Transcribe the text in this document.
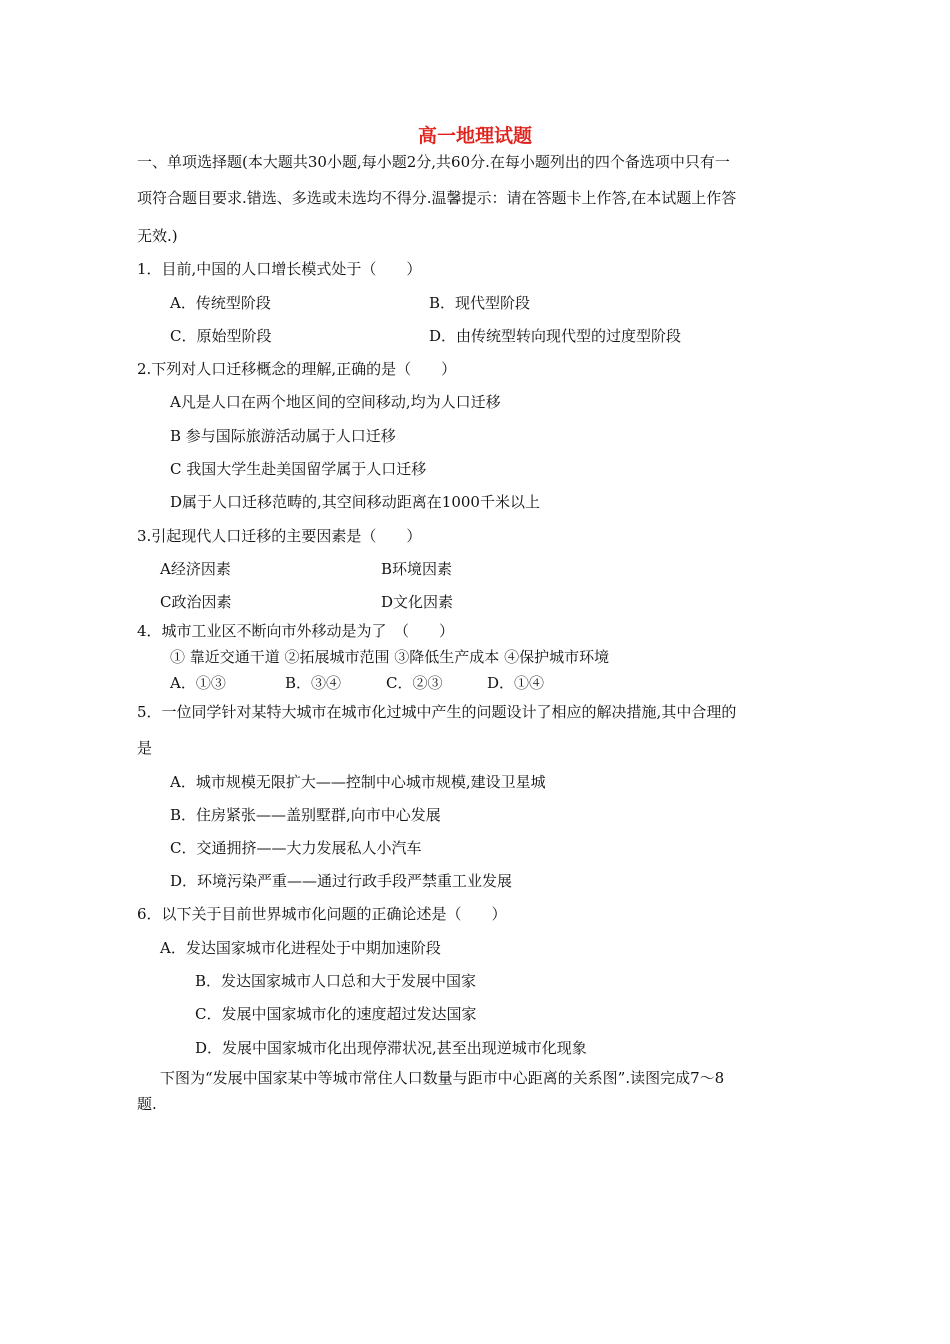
高一地理试题
一、单项选择题(本大题共30小题,每小题2分,共60分.在每小题列出的四个备选项中只有一
项符合题目要求.错选、多选或未选均不得分.温馨提示：请在答题卡上作答,在本试题上作答
无效.)
1．目前,中国的人口增长模式处于（　　）
A．传统型阶段	B．现代型阶段
C．原始型阶段	D．由传统型转向现代型的过度型阶段
2.下列对人口迁移概念的理解,正确的是（　　）
A凡是人口在两个地区间的空间移动,均为人口迁移
B 参与国际旅游活动属于人口迁移
C 我国大学生赴美国留学属于人口迁移
D属于人口迁移范畴的,其空间移动距离在1000千米以上
3.引起现代人口迁移的主要因素是（　　）
A经济因素	B环境因素
C政治因素	D文化因素
4．城市工业区不断向市外移动是为了　（　　）
① 靠近交通干道 ②拓展城市范围 ③降低生产成本 ④保护城市环境
A．①③	B．③④	C．②③	D．①④
5．一位同学针对某特大城市在城市化过城中产生的问题设计了相应的解决措施,其中合理的
是
A．城市规模无限扩大——控制中心城市规模,建设卫星城
B．住房紧张——盖别墅群,向市中心发展
C．交通拥挤——大力发展私人小汽车
D．环境污染严重——通过行政手段严禁重工业发展
6．以下关于目前世界城市化问题的正确论述是（　　）
A．发达国家城市化进程处于中期加速阶段
B．发达国家城市人口总和大于发展中国家
C．发展中国家城市化的速度超过发达国家
D．发展中国家城市化出现停滞状况,甚至出现逆城市化现象
下图为“发展中国家某中等城市常住人口数量与距市中心距离的关系图”.读图完成7～8
题.
